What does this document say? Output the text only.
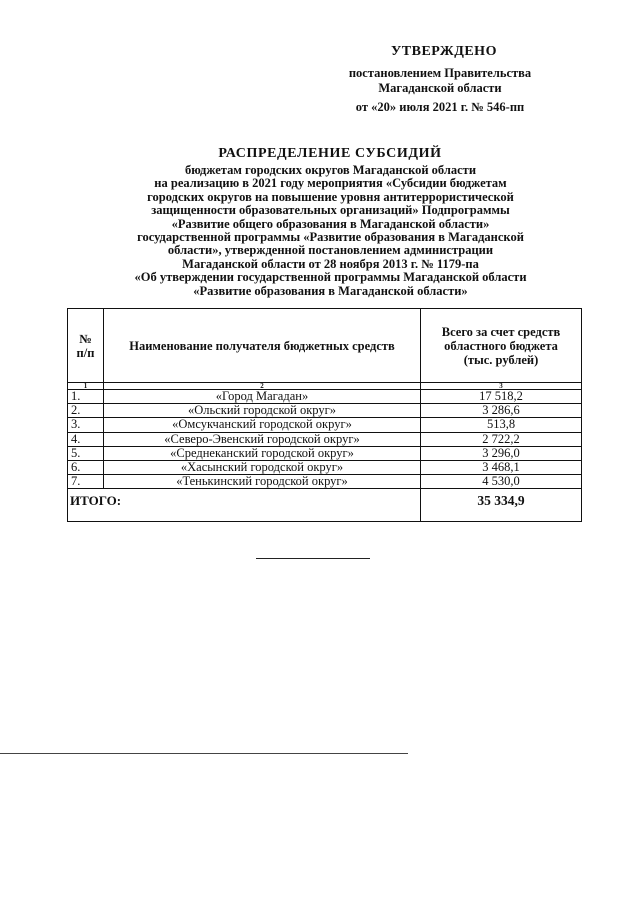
УТВЕРЖДЕНО
постановлением Правительства
Магаданской области
от «20» июля 2021 г. № 546-пп
РАСПРЕДЕЛЕНИЕ СУБСИДИЙ
бюджетам городских округов Магаданской области
на реализацию в 2021 году мероприятия «Субсидии бюджетам
городских округов на повышение уровня антитеррористической
защищенности образовательных организаций» Подпрограммы
«Развитие общего образования в Магаданской области»
государственной программы «Развитие образования в Магаданской
области», утвержденной постановлением администрации
Магаданской области от 28 ноября 2013 г. № 1179-па
«Об утверждении государственной программы Магаданской области
«Развитие образования в Магаданской области»
№ п/п	Наименование получателя бюджетных средств	Всего за счет средств областного бюджета (тыс. рублей)

1	2	3
1.	«Город Магадан»	17 518,2
2.	«Ольский городской округ»	3 286,6
3.	«Омсукчанский городской округ»	513,8
4.	«Северо-Эвенский городской округ»	2 722,2
5.	«Среднеканский городской округ»	3 296,0
6.	«Хасынский городской округ»	3 468,1
7.	«Тенькинский городской округ»	4 530,0
ИТОГО:		35 334,9
